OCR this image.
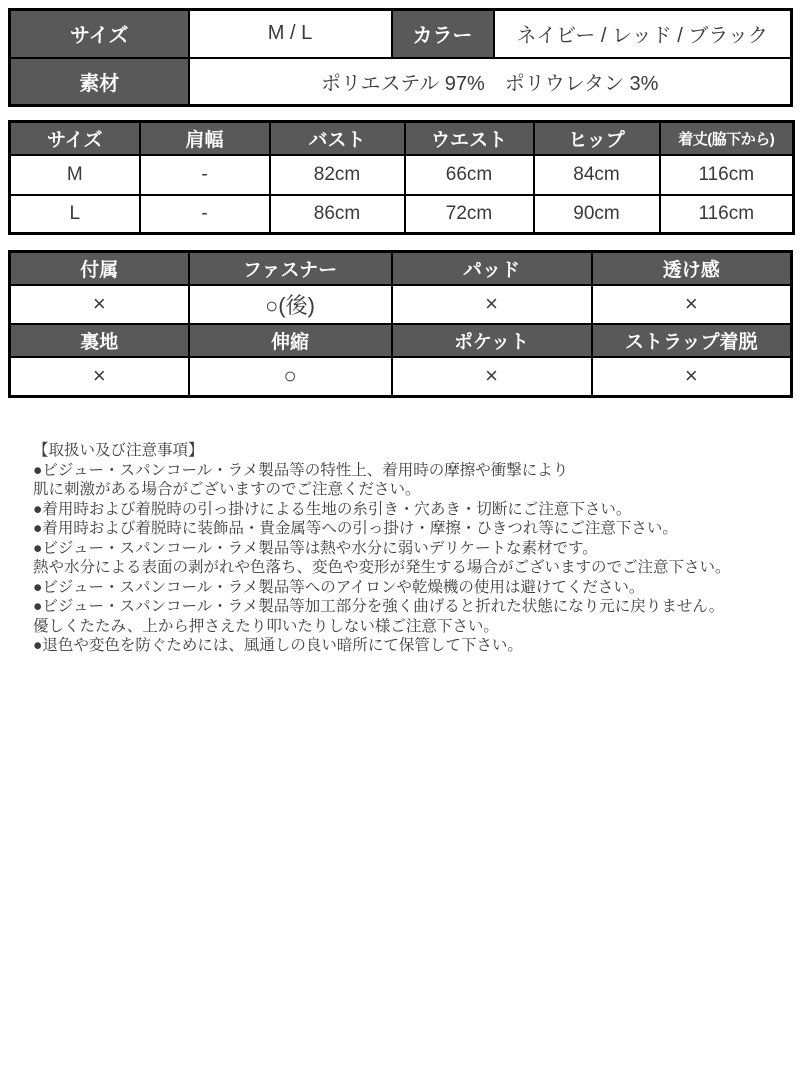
サイズ	M / L	カラー	ネイビー / レッド / ブラック
素材	ポリエステル 97%　ポリウレタン 3%		
サイズ	肩幅	バスト	ウエスト	ヒップ	着丈(脇下から)
M	-	82cm	66cm	84cm	116cm
L	-	86cm	72cm	90cm	116cm
付属	ファスナー	パッド	透け感
×	○(後)	×	×
裏地	伸縮	ポケット	ストラップ着脱
×	○	×	×
【取扱い及び注意事項】
●ビジュー・スパンコール・ラメ製品等の特性上、着用時の摩擦や衝撃により
肌に刺激がある場合がございますのでご注意ください。
●着用時および着脱時の引っ掛けによる生地の糸引き・穴あき・切断にご注意下さい。
●着用時および着脱時に装飾品・貴金属等への引っ掛け・摩擦・ひきつれ等にご注意下さい。
●ビジュー・スパンコール・ラメ製品等は熱や水分に弱いデリケートな素材です。
熱や水分による表面の剥がれや色落ち、変色や変形が発生する場合がございますのでご注意下さい。
●ビジュー・スパンコール・ラメ製品等へのアイロンや乾燥機の使用は避けてください。
●ビジュー・スパンコール・ラメ製品等加工部分を強く曲げると折れた状態になり元に戻りません。
優しくたたみ、上から押さえたり叩いたりしない様ご注意下さい。
●退色や変色を防ぐためには、風通しの良い暗所にて保管して下さい。
